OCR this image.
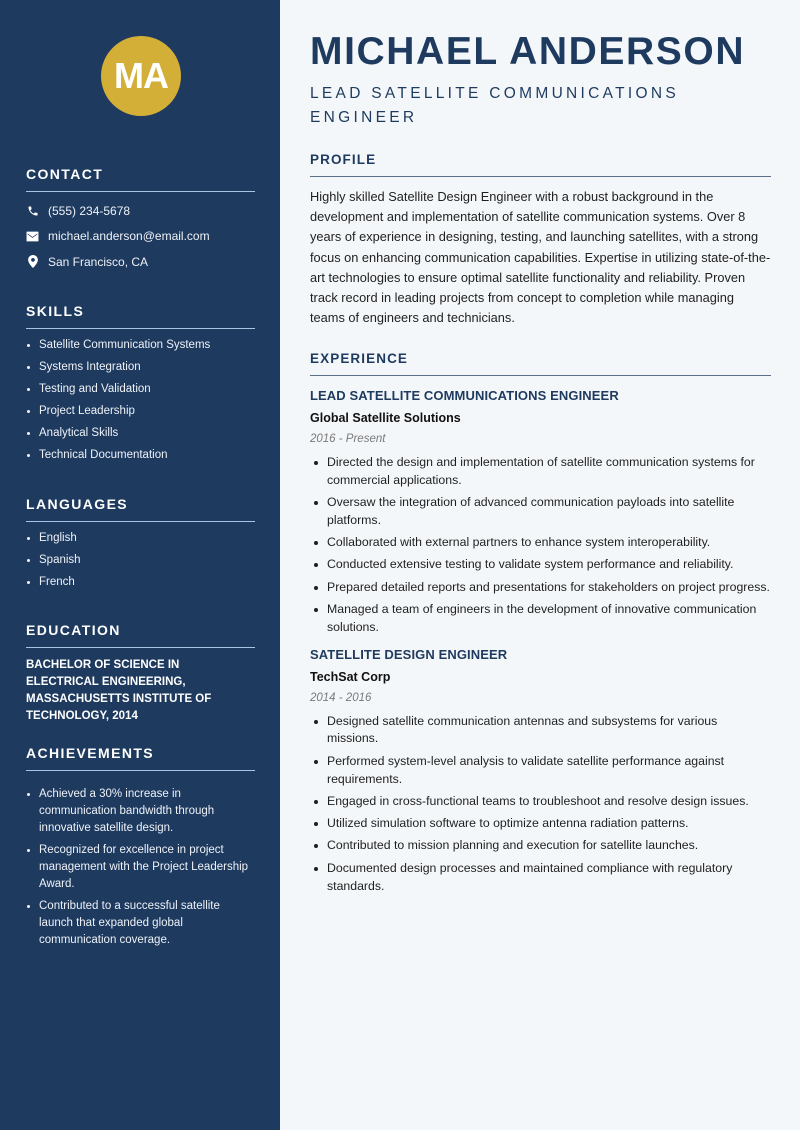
MA
CONTACT
(555) 234-5678
michael.anderson@email.com
San Francisco, CA
SKILLS
Satellite Communication Systems
Systems Integration
Testing and Validation
Project Leadership
Analytical Skills
Technical Documentation
LANGUAGES
English
Spanish
French
EDUCATION

BACHELOR OF SCIENCE IN ELECTRICAL ENGINEERING, MASSACHUSETTS INSTITUTE OF TECHNOLOGY, 2014

ACHIEVEMENTS
Achieved a 30% increase in communication bandwidth through innovative satellite design.
Recognized for excellence in project management with the Project Leadership Award.
Contributed to a successful satellite launch that expanded global communication coverage.
MICHAEL ANDERSON
LEAD SATELLITE COMMUNICATIONS ENGINEER
PROFILE

Highly skilled Satellite Design Engineer with a robust background in the development and implementation of satellite communication systems. Over 8 years of experience in designing, testing, and launching satellites, with a strong focus on enhancing communication capabilities. Expertise in utilizing state-of-the-art technologies to ensure optimal satellite functionality and reliability. Proven track record in leading projects from concept to completion while managing teams of engineers and technicians.

EXPERIENCE
LEAD SATELLITE COMMUNICATIONS ENGINEER
Global Satellite Solutions
2016 - Present
Directed the design and implementation of satellite communication systems for commercial applications.
Oversaw the integration of advanced communication payloads into satellite platforms.
Collaborated with external partners to enhance system interoperability.
Conducted extensive testing to validate system performance and reliability.
Prepared detailed reports and presentations for stakeholders on project progress.
Managed a team of engineers in the development of innovative communication solutions.
SATELLITE DESIGN ENGINEER
TechSat Corp
2014 - 2016
Designed satellite communication antennas and subsystems for various missions.
Performed system-level analysis to validate satellite performance against requirements.
Engaged in cross-functional teams to troubleshoot and resolve design issues.
Utilized simulation software to optimize antenna radiation patterns.
Contributed to mission planning and execution for satellite launches.
Documented design processes and maintained compliance with regulatory standards.
